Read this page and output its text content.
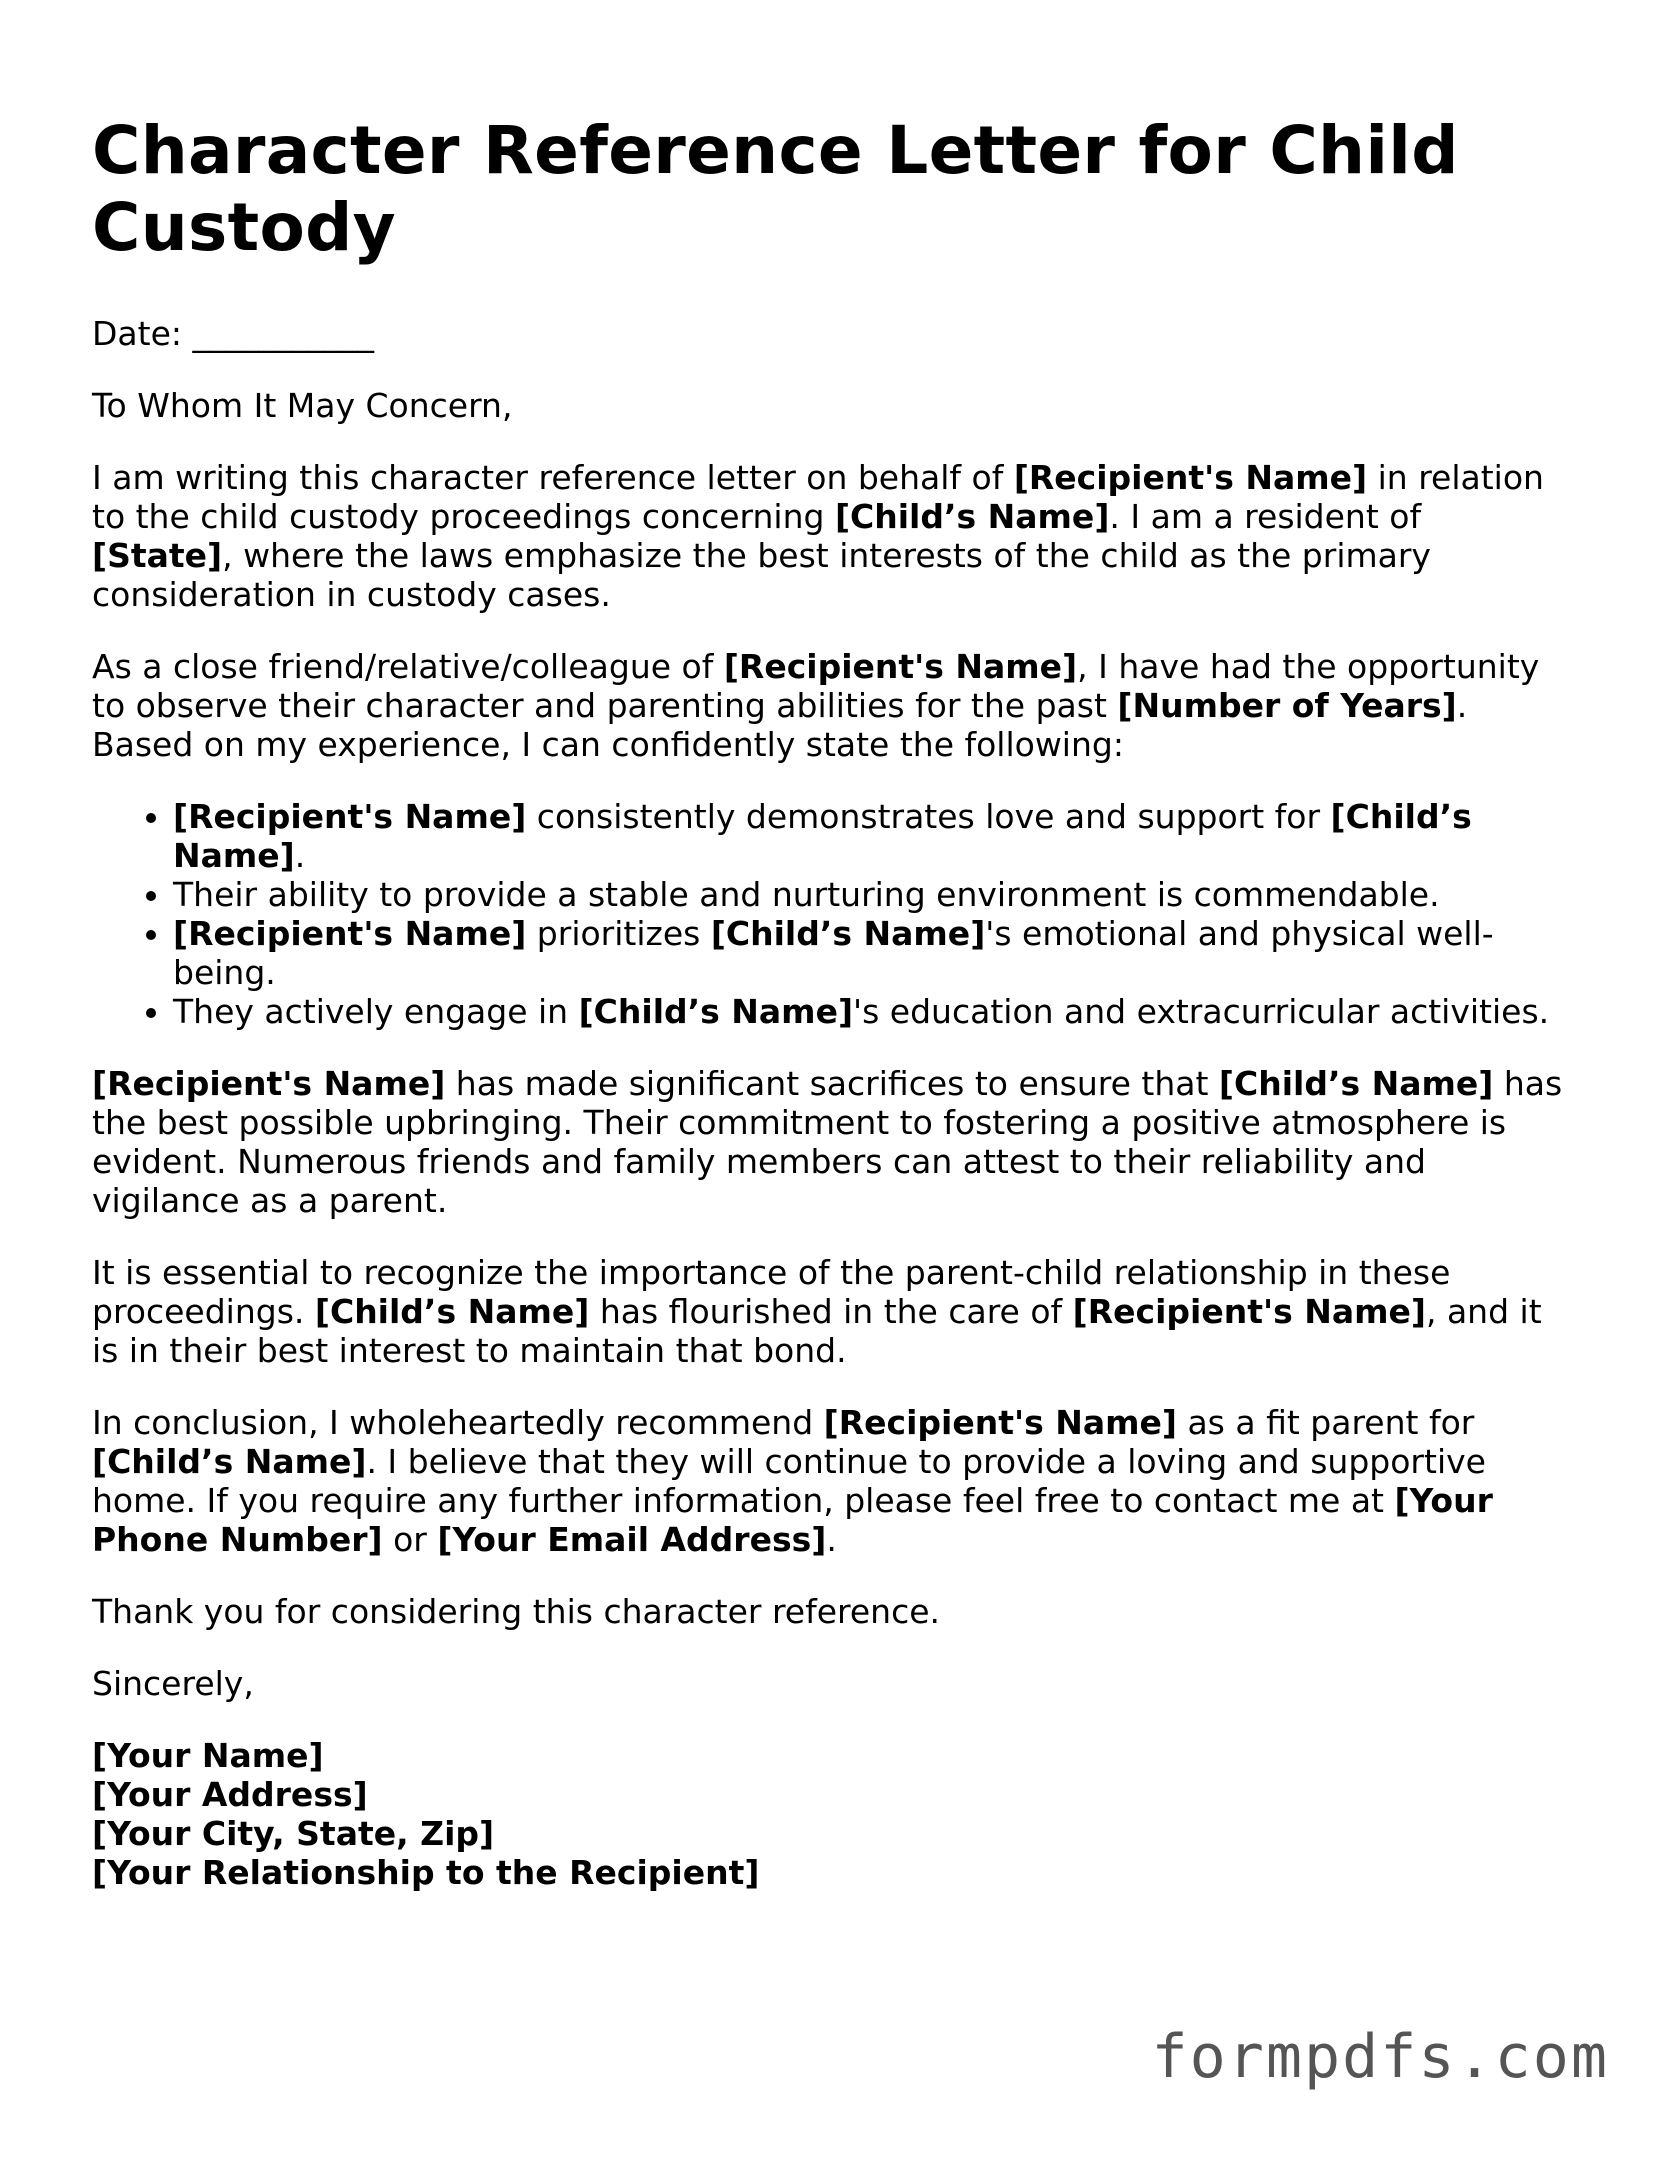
Character Reference Letter for Child Custody

Date: ___________

To Whom It May Concern,

I am writing this character reference letter on behalf of [Recipient's Name] in relation to the child custody proceedings concerning [Child’s Name]. I am a resident of [State], where the laws emphasize the best interests of the child as the primary consideration in custody cases.

As a close friend/relative/colleague of [Recipient's Name], I have had the opportunity to observe their character and parenting abilities for the past [Number of Years]. Based on my experience, I can confidently state the following:

• [Recipient's Name] consistently demonstrates love and support for [Child’s Name].
• Their ability to provide a stable and nurturing environment is commendable.
• [Recipient's Name] prioritizes [Child’s Name]'s emotional and physical well-being.
• They actively engage in [Child’s Name]'s education and extracurricular activities.

[Recipient's Name] has made significant sacrifices to ensure that [Child’s Name] has the best possible upbringing. Their commitment to fostering a positive atmosphere is evident. Numerous friends and family members can attest to their reliability and vigilance as a parent.

It is essential to recognize the importance of the parent-child relationship in these proceedings. [Child’s Name] has flourished in the care of [Recipient's Name], and it is in their best interest to maintain that bond.

In conclusion, I wholeheartedly recommend [Recipient's Name] as a fit parent for [Child’s Name]. I believe that they will continue to provide a loving and supportive home. If you require any further information, please feel free to contact me at [Your Phone Number] or [Your Email Address].

Thank you for considering this character reference.

Sincerely,

[Your Name]
[Your Address]
[Your City, State, Zip]
[Your Relationship to the Recipient]
formpdfs.com
